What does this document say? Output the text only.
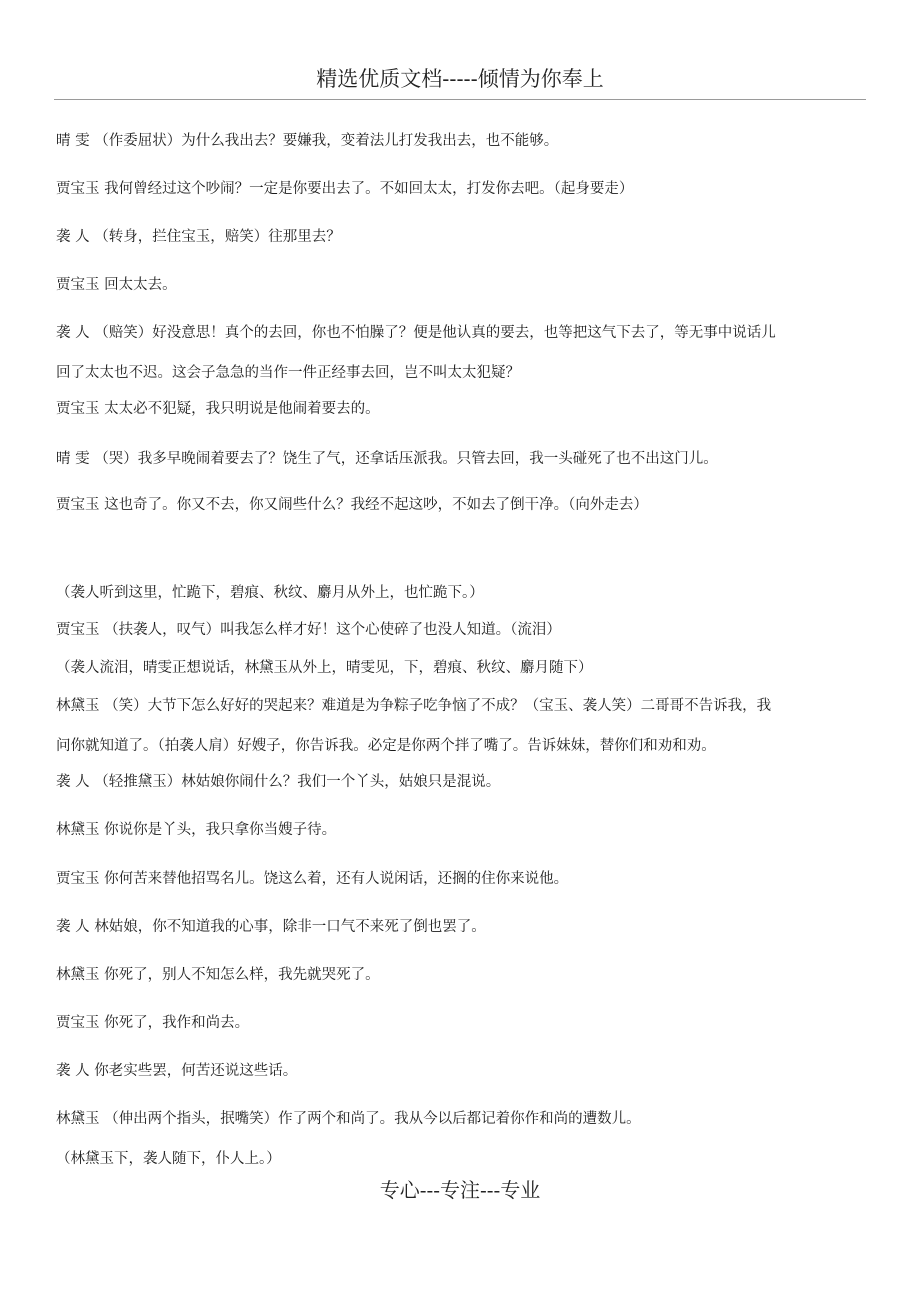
精选优质文档-----倾情为你奉上
晴 雯 （作委屈状）为什么我出去？要嫌我，变着法儿打发我出去，也不能够。
贾宝玉 我何曾经过这个吵闹？一定是你要出去了。不如回太太，打发你去吧。（起身要走）
袭 人 （转身，拦住宝玉，赔笑）往那里去？
贾宝玉 回太太去。
袭 人 （赔笑）好没意思！真个的去回，你也不怕臊了？便是他认真的要去，也等把这气下去了，等无事中说话儿
回了太太也不迟。这会子急急的当作一件正经事去回，岂不叫太太犯疑？
贾宝玉 太太必不犯疑，我只明说是他闹着要去的。
晴 雯 （哭）我多早晚闹着要去了？饶生了气，还拿话压派我。只管去回，我一头碰死了也不出这门儿。
贾宝玉 这也奇了。你又不去，你又闹些什么？我经不起这吵，不如去了倒干净。（向外走去）
（袭人听到这里，忙跪下，碧痕、秋纹、麝月从外上，也忙跪下。）
贾宝玉 （扶袭人，叹气）叫我怎么样才好！这个心使碎了也没人知道。（流泪）
（袭人流泪，晴雯正想说话，林黛玉从外上，晴雯见，下，碧痕、秋纹、麝月随下）
林黛玉 （笑）大节下怎么好好的哭起来？难道是为争粽子吃争恼了不成？（宝玉、袭人笑）二哥哥不告诉我，我
问你就知道了。（拍袭人肩）好嫂子，你告诉我。必定是你两个拌了嘴了。告诉妹妹，替你们和劝和劝。
袭 人 （轻推黛玉）林姑娘你闹什么？我们一个丫头，姑娘只是混说。
林黛玉 你说你是丫头，我只拿你当嫂子待。
贾宝玉 你何苦来替他招骂名儿。饶这么着，还有人说闲话，还搁的住你来说他。
袭 人 林姑娘，你不知道我的心事，除非一口气不来死了倒也罢了。
林黛玉 你死了，别人不知怎么样，我先就哭死了。
贾宝玉 你死了，我作和尚去。
袭 人 你老实些罢，何苦还说这些话。
林黛玉 （伸出两个指头，抿嘴笑）作了两个和尚了。我从今以后都记着你作和尚的遭数儿。
（林黛玉下，袭人随下，仆人上。）
专心---专注---专业
